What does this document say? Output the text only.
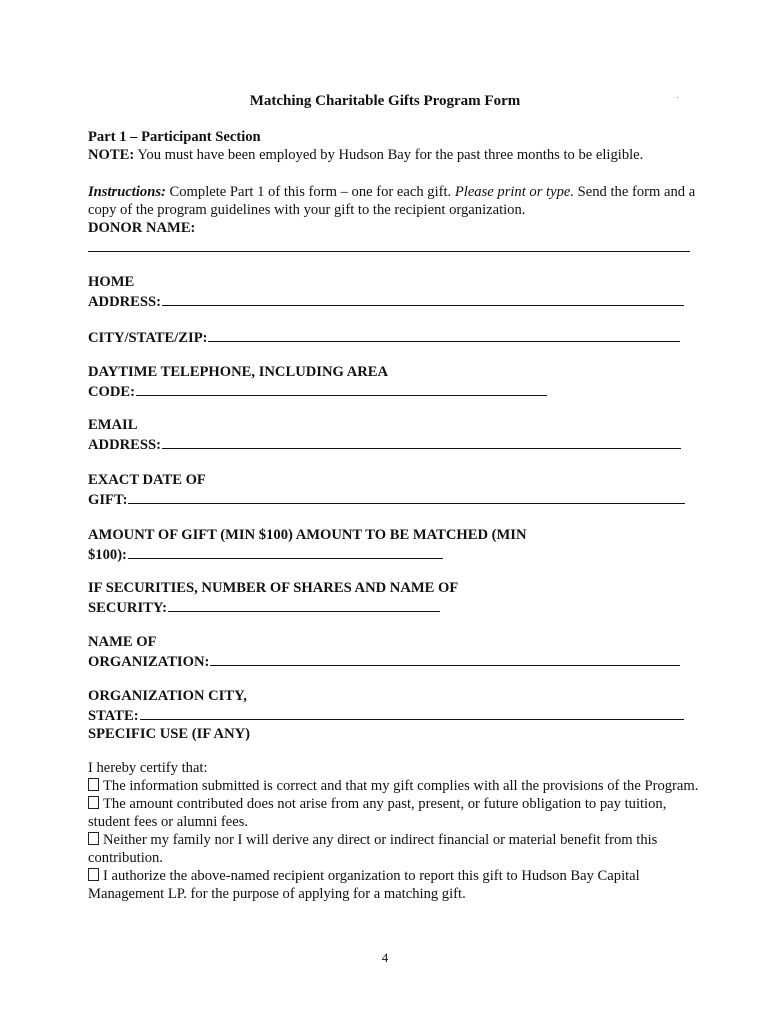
Matching Charitable Gifts Program Form	·
Part 1 – Participant Section
NOTE: You must have been employed by Hudson Bay for the past three months to be eligible.
Instructions: Complete Part 1 of this form – one for each gift. Please print or type. Send the form and a copy of the program guidelines with your gift to the recipient organization.
DONOR NAME:
HOME
ADDRESS:
CITY/STATE/ZIP:
DAYTIME TELEPHONE, INCLUDING AREA
CODE:
EMAIL
ADDRESS:
EXACT DATE OF
GIFT:
AMOUNT OF GIFT (MIN $100) AMOUNT TO BE MATCHED (MIN
$100):
IF SECURITIES, NUMBER OF SHARES AND NAME OF
SECURITY:
NAME OF
ORGANIZATION:
ORGANIZATION CITY,
STATE:
SPECIFIC USE (IF ANY)
I hereby certify that:
The information submitted is correct and that my gift complies with all the provisions of the Program.
The amount contributed does not arise from any past, present, or future obligation to pay tuition, student fees or alumni fees.
Neither my family nor I will derive any direct or indirect financial or material benefit from this contribution.
I authorize the above-named recipient organization to report this gift to Hudson Bay Capital Management LP. for the purpose of applying for a matching gift.
4
